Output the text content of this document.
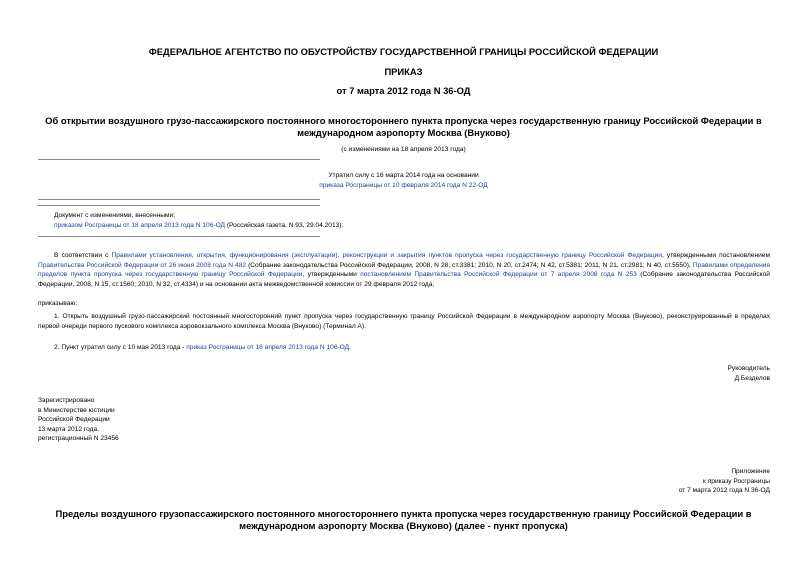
ФЕДЕРАЛЬНОЕ АГЕНТСТВО ПО ОБУСТРОЙСТВУ ГОСУДАРСТВЕННОЙ ГРАНИЦЫ РОССИЙСКОЙ ФЕДЕРАЦИИ
ПРИКАЗ
от 7 марта 2012 года N 36-ОД
Об открытии воздушного грузо-пассажирского постоянного многостороннего пункта пропуска через государственную границу Российской Федерации в
международном аэропорту Москва (Внуково)
(с изменениями на 18 апреля 2013 года)
Утратил силу с 16 марта 2014 года на основании
приказа Росграницы от 10 февраля 2014 года N 22-ОД
Документ с изменениями, внесенными:
приказом Росграницы от 18 апреля 2013 года N 106-ОД (Российская газета, N 93, 29.04.2013).
В соответствии с Правилами установления, открытия, функционирования (эксплуатации), реконструкции и закрытия пунктов пропуска через государственную границу Российской Федерации, утвержденными постановлением Правительства Российской Федерации от 26 июня 2008 года N 482 (Собрание законодательства Российской Федерации, 2008, N 28, ст.3381; 2010, N 20, ст.2474; N 42, ст.5381; 2011, N 21, ст.2981; N 40, ст.5550), Правилами определения пределов пункта пропуска через государственную границу Российской Федерации, утвержденными постановлением Правительства Российской Федерации от 7 апреля 2008 года N 253 (Собрание законодательства Российской Федерации, 2008, N 15, ст.1560; 2010, N 32, ст.4334) и на основании акта межведомственной комиссии от 29 февраля 2012 года,
приказываю:
1. Открыть воздушный грузо-пассажирский постоянный многосторонний пункт пропуска через государственную границу Российской Федерации в международном аэропорту Москва (Внуково), реконструированный в пределах первой очереди первого пускового комплекса аэровокзального комплекса Москва (Внуково) (Терминал А).
2. Пункт утратил силу с 10 мая 2013 года - приказ Росграницы от 18 апреля 2013 года N 106-ОД.
Руководитель
Д.Безделов
Зарегистрировано
в Министерстве юстиции
Российской Федерации
13 марта 2012 года,
регистрационный N 23456
Приложение
к приказу Росграницы
от 7 марта 2012 года N 36-ОД
Пределы воздушного грузопассажирского постоянного многостороннего пункта пропуска через государственную границу Российской Федерации в
международном аэропорту Москва (Внуково) (далее - пункт пропуска)
